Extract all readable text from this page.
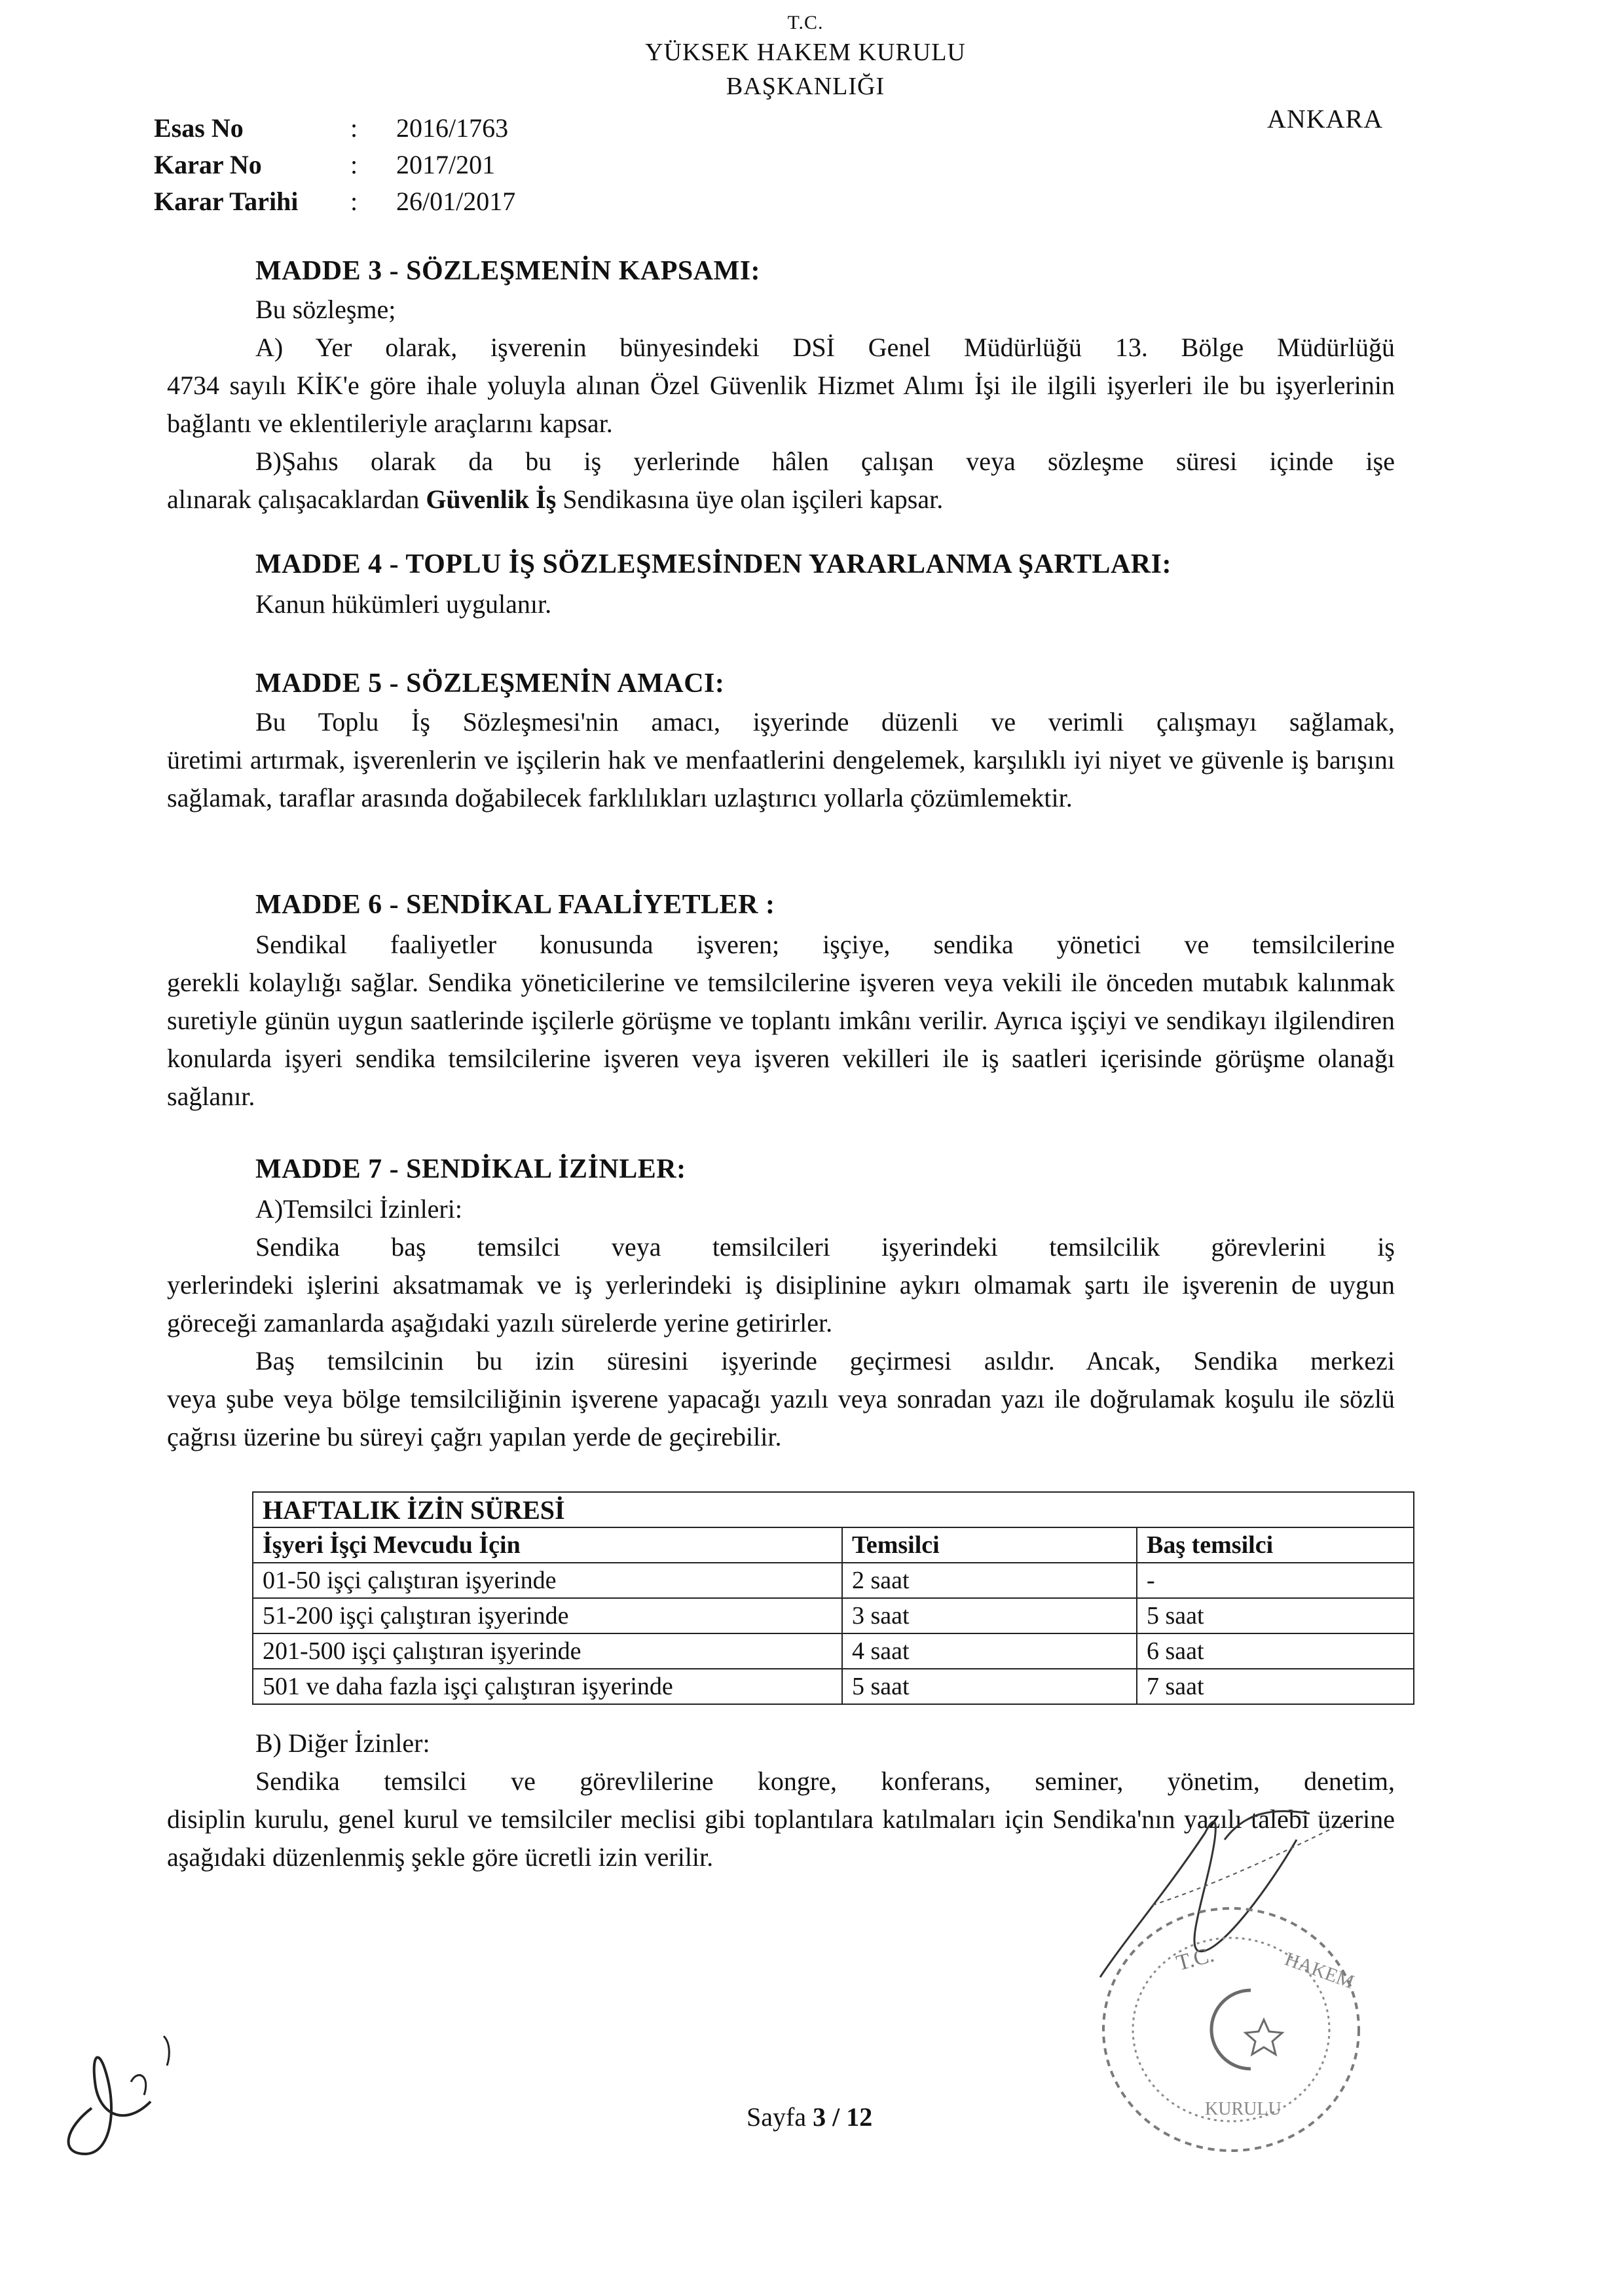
T.C.
YÜKSEK HAKEM KURULU
BAŞKANLIĞI
ANKARA
Esas No	: 2016/1763
Karar No	: 2017/201
Karar Tarihi : 26/01/2017
MADDE 3 - SÖZLEŞMENİN KAPSAMI:
Bu sözleşme;
A) Yer olarak, işverenin bünyesindeki DSİ Genel Müdürlüğü 13. Bölge Müdürlüğü
4734 sayılı KİK'e göre ihale yoluyla alınan Özel Güvenlik Hizmet Alımı İşi ile ilgili işyerleri ile bu işyerlerinin bağlantı ve eklentileriyle araçlarını kapsar.
B)Şahıs olarak da bu iş yerlerinde hâlen çalışan veya sözleşme süresi içinde işe
alınarak çalışacaklardan Güvenlik İş Sendikasına üye olan işçileri kapsar.
MADDE 4 - TOPLU İŞ SÖZLEŞMESİNDEN YARARLANMA ŞARTLARI:
Kanun hükümleri uygulanır.
MADDE 5 - SÖZLEŞMENİN AMACI:
Bu Toplu İş Sözleşmesi'nin amacı, işyerinde düzenli ve verimli çalışmayı sağlamak,
üretimi artırmak, işverenlerin ve işçilerin hak ve menfaatlerini dengelemek, karşılıklı iyi niyet ve güvenle iş barışını sağlamak, taraflar arasında doğabilecek farklılıkları uzlaştırıcı yollarla çözümlemektir.
MADDE 6 - SENDİKAL FAALİYETLER :
Sendikal faaliyetler konusunda işveren; işçiye, sendika yönetici ve temsilcilerine
gerekli kolaylığı sağlar. Sendika yöneticilerine ve temsilcilerine işveren veya vekili ile önceden mutabık kalınmak suretiyle günün uygun saatlerinde işçilerle görüşme ve toplantı imkânı verilir. Ayrıca işçiyi ve sendikayı ilgilendiren konularda işyeri sendika temsilcilerine işveren veya işveren vekilleri ile iş saatleri içerisinde görüşme olanağı sağlanır.
MADDE 7 - SENDİKAL İZİNLER:
A)Temsilci İzinleri:
Sendika baş temsilci veya temsilcileri işyerindeki temsilcilik görevlerini iş
yerlerindeki işlerini aksatmamak ve iş yerlerindeki iş disiplinine aykırı olmamak şartı ile işverenin de uygun göreceği zamanlarda aşağıdaki yazılı sürelerde yerine getirirler.
Baş temsilcinin bu izin süresini işyerinde geçirmesi asıldır. Ancak, Sendika merkezi
veya şube veya bölge temsilciliğinin işverene yapacağı yazılı veya sonradan yazı ile doğrulamak koşulu ile sözlü çağrısı üzerine bu süreyi çağrı yapılan yerde de geçirebilir.
HAFTALIK İZİN SÜRESİ		
İşyeri İşçi Mevcudu İçin	Temsilci	Baş temsilci
01-50 işçi çalıştıran işyerinde	2 saat	-
51-200 işçi çalıştıran işyerinde	3 saat	5 saat
201-500 işçi çalıştıran işyerinde	4 saat	6 saat
501 ve daha fazla işçi çalıştıran işyerinde	5 saat	7 saat
B) Diğer İzinler:
Sendika temsilci ve görevlilerine kongre, konferans, seminer, yönetim, denetim,
disiplin kurulu, genel kurul ve temsilciler meclisi gibi toplantılara katılmaları için Sendika'nın yazılı talebi üzerine aşağıdaki düzenlenmiş şekle göre ücretli izin verilir.
Sayfa 3 / 12
T.C.	HAKEM
KURULU
